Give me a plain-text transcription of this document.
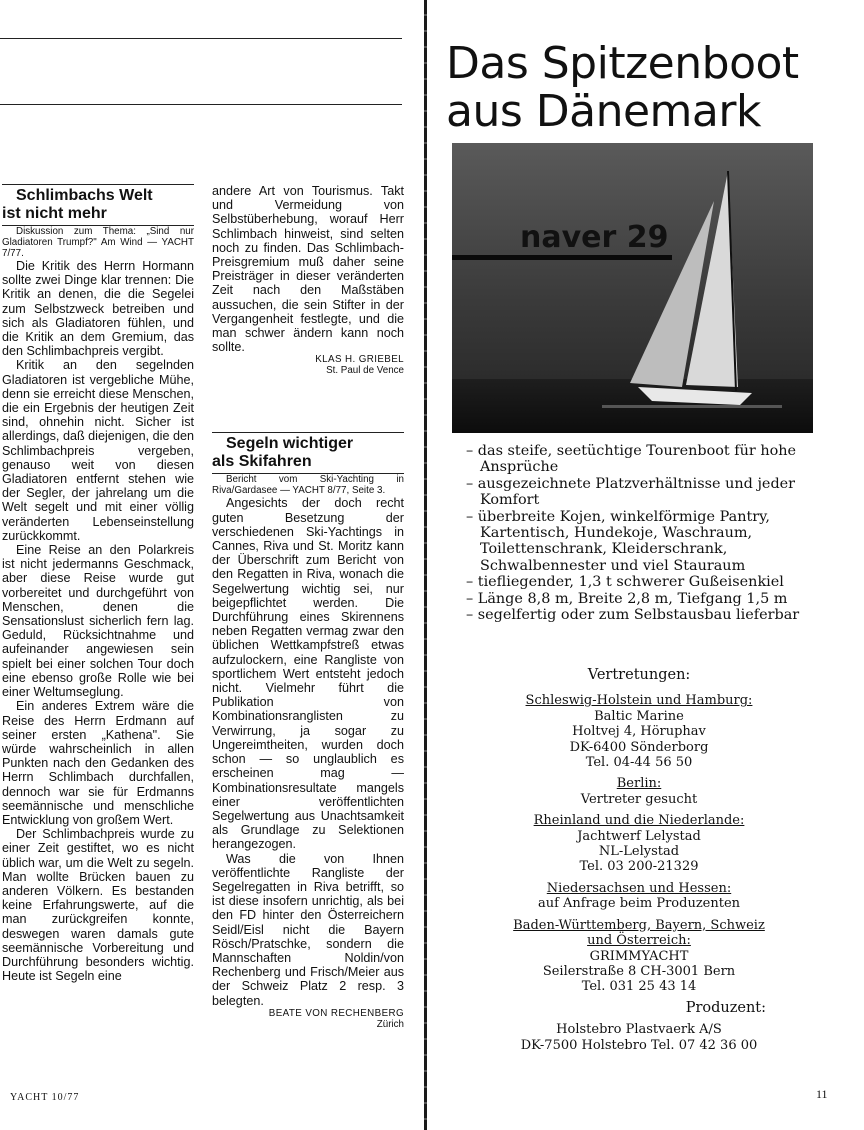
Schlimbachs Welt
ist nicht mehr

Diskussion zum Thema: „Sind nur Gladiatoren Trumpf?" Am Wind — YACHT 7/77.

Die Kritik des Herrn Hormann sollte zwei Dinge klar trennen: Die Kritik an denen, die die Segelei zum Selbstzweck betreiben und sich als Gladiatoren fühlen, und die Kritik an dem Gremium, das den Schlimbachpreis vergibt.

Kritik an den segelnden Gladiatoren ist vergebliche Mühe, denn sie erreicht diese Menschen, die ein Ergebnis der heutigen Zeit sind, ohnehin nicht. Sicher ist allerdings, daß diejenigen, die den Schlimbachpreis vergeben, genauso weit von diesen Gladiatoren entfernt stehen wie der Segler, der jahrelang um die Welt segelt und mit einer völlig veränderten Lebenseinstellung zurückkommt.

Eine Reise an den Polarkreis ist nicht jedermanns Geschmack, aber diese Reise wurde gut vorbereitet und durchgeführt von Menschen, denen die Sensationslust sicherlich fern lag. Geduld, Rücksichtnahme und aufeinander angewiesen sein spielt bei einer solchen Tour doch eine ebenso große Rolle wie bei einer Weltumseglung.

Ein anderes Extrem wäre die Reise des Herrn Erdmann auf seiner ersten „Kathena". Sie würde wahrscheinlich in allen Punkten nach den Gedanken des Herrn Schlimbach durchfallen, dennoch war sie für Erdmanns seemännische und menschliche Entwicklung von großem Wert.

Der Schlimbachpreis wurde zu einer Zeit gestiftet, wo es nicht üblich war, um die Welt zu segeln. Man wollte Brücken bauen zu anderen Völkern. Es bestanden keine Erfahrungswerte, auf die man zurückgreifen konnte, deswegen waren damals gute seemännische Vorbereitung und Durchführung besonders wichtig. Heute ist Segeln eine

andere Art von Tourismus. Takt und Vermeidung von Selbstüberhebung, worauf Herr Schlimbach hinweist, sind selten noch zu finden. Das Schlimbach-Preisgremium muß daher seine Preisträger in dieser veränderten Zeit nach den Maßstäben aussuchen, die sein Stifter in der Vergangenheit festlegte, und die man schwer ändern kann noch sollte.

KLAS H. GRIEBEL

St. Paul de Vence

Segeln wichtiger
als Skifahren

Bericht vom Ski-Yachting in Riva/Gardasee — YACHT 8/77, Seite 3.

Angesichts der doch recht guten Besetzung der verschiedenen Ski-Yachtings in Cannes, Riva und St. Moritz kann der Überschrift zum Bericht von den Regatten in Riva, wonach die Segelwertung wichtig sei, nur beigepflichtet werden. Die Durchführung eines Skirennens neben Regatten vermag zwar den üblichen Wettkampfstreß etwas aufzulockern, eine Rangliste von sportlichem Wert entsteht jedoch nicht. Vielmehr führt die Publikation von Kombinationsranglisten zu Verwirrung, ja sogar zu Ungereimtheiten, wurden doch schon — so unglaublich es erscheinen mag — Kombinationsresultate mangels einer veröffentlichten Segelwertung aus Unachtsamkeit als Grundlage zu Selektionen herangezogen.

Was die von Ihnen veröffentlichte Rangliste der Segelregatten in Riva betrifft, so ist diese insofern unrichtig, als bei den FD hinter den Österreichern Seidl/Eisl nicht die Bayern Rösch/Pratschke, sondern die Mannschaften Noldin/von Rechenberg und Frisch/Meier aus der Schweiz Platz 2 resp. 3 belegten.

BEATE VON RECHENBERG

Zürich

Das Spitzenboot
aus Dänemark
naver 29
– das steife, seetüchtige Tourenboot für hohe Ansprüche
– ausgezeichnete Platzverhältnisse und jeder Komfort
– überbreite Kojen, winkelförmige Pantry, Kartentisch, Hundekoje, Waschraum, Toilettenschrank, Kleiderschrank, Schwalbennester und viel Stauraum
– tiefliegender, 1,3 t schwerer Gußeisenkiel
– Länge 8,8 m, Breite 2,8 m, Tiefgang 1,5 m
– segelfertig oder zum Selbstausbau lieferbar
Vertretungen:
Schleswig-Holstein und Hamburg:
Baltic Marine
Holtvej 4, Höruphav
DK-6400 Sönderborg
Tel. 04-44 56 50
Berlin:
Vertreter gesucht
Rheinland und die Niederlande:
Jachtwerf Lelystad
NL-Lelystad
Tel. 03 200-21329
Niedersachsen und Hessen:
auf Anfrage beim Produzenten
Baden-Württemberg, Bayern, Schweiz und Österreich:
GRIMMYACHT
Seilerstraße 8 CH-3001 Bern
Tel. 031 25 43 14
Produzent:
Holstebro Plastvaerk A/S
DK-7500 Holstebro Tel. 07 42 36 00
YACHT 10/77	11
